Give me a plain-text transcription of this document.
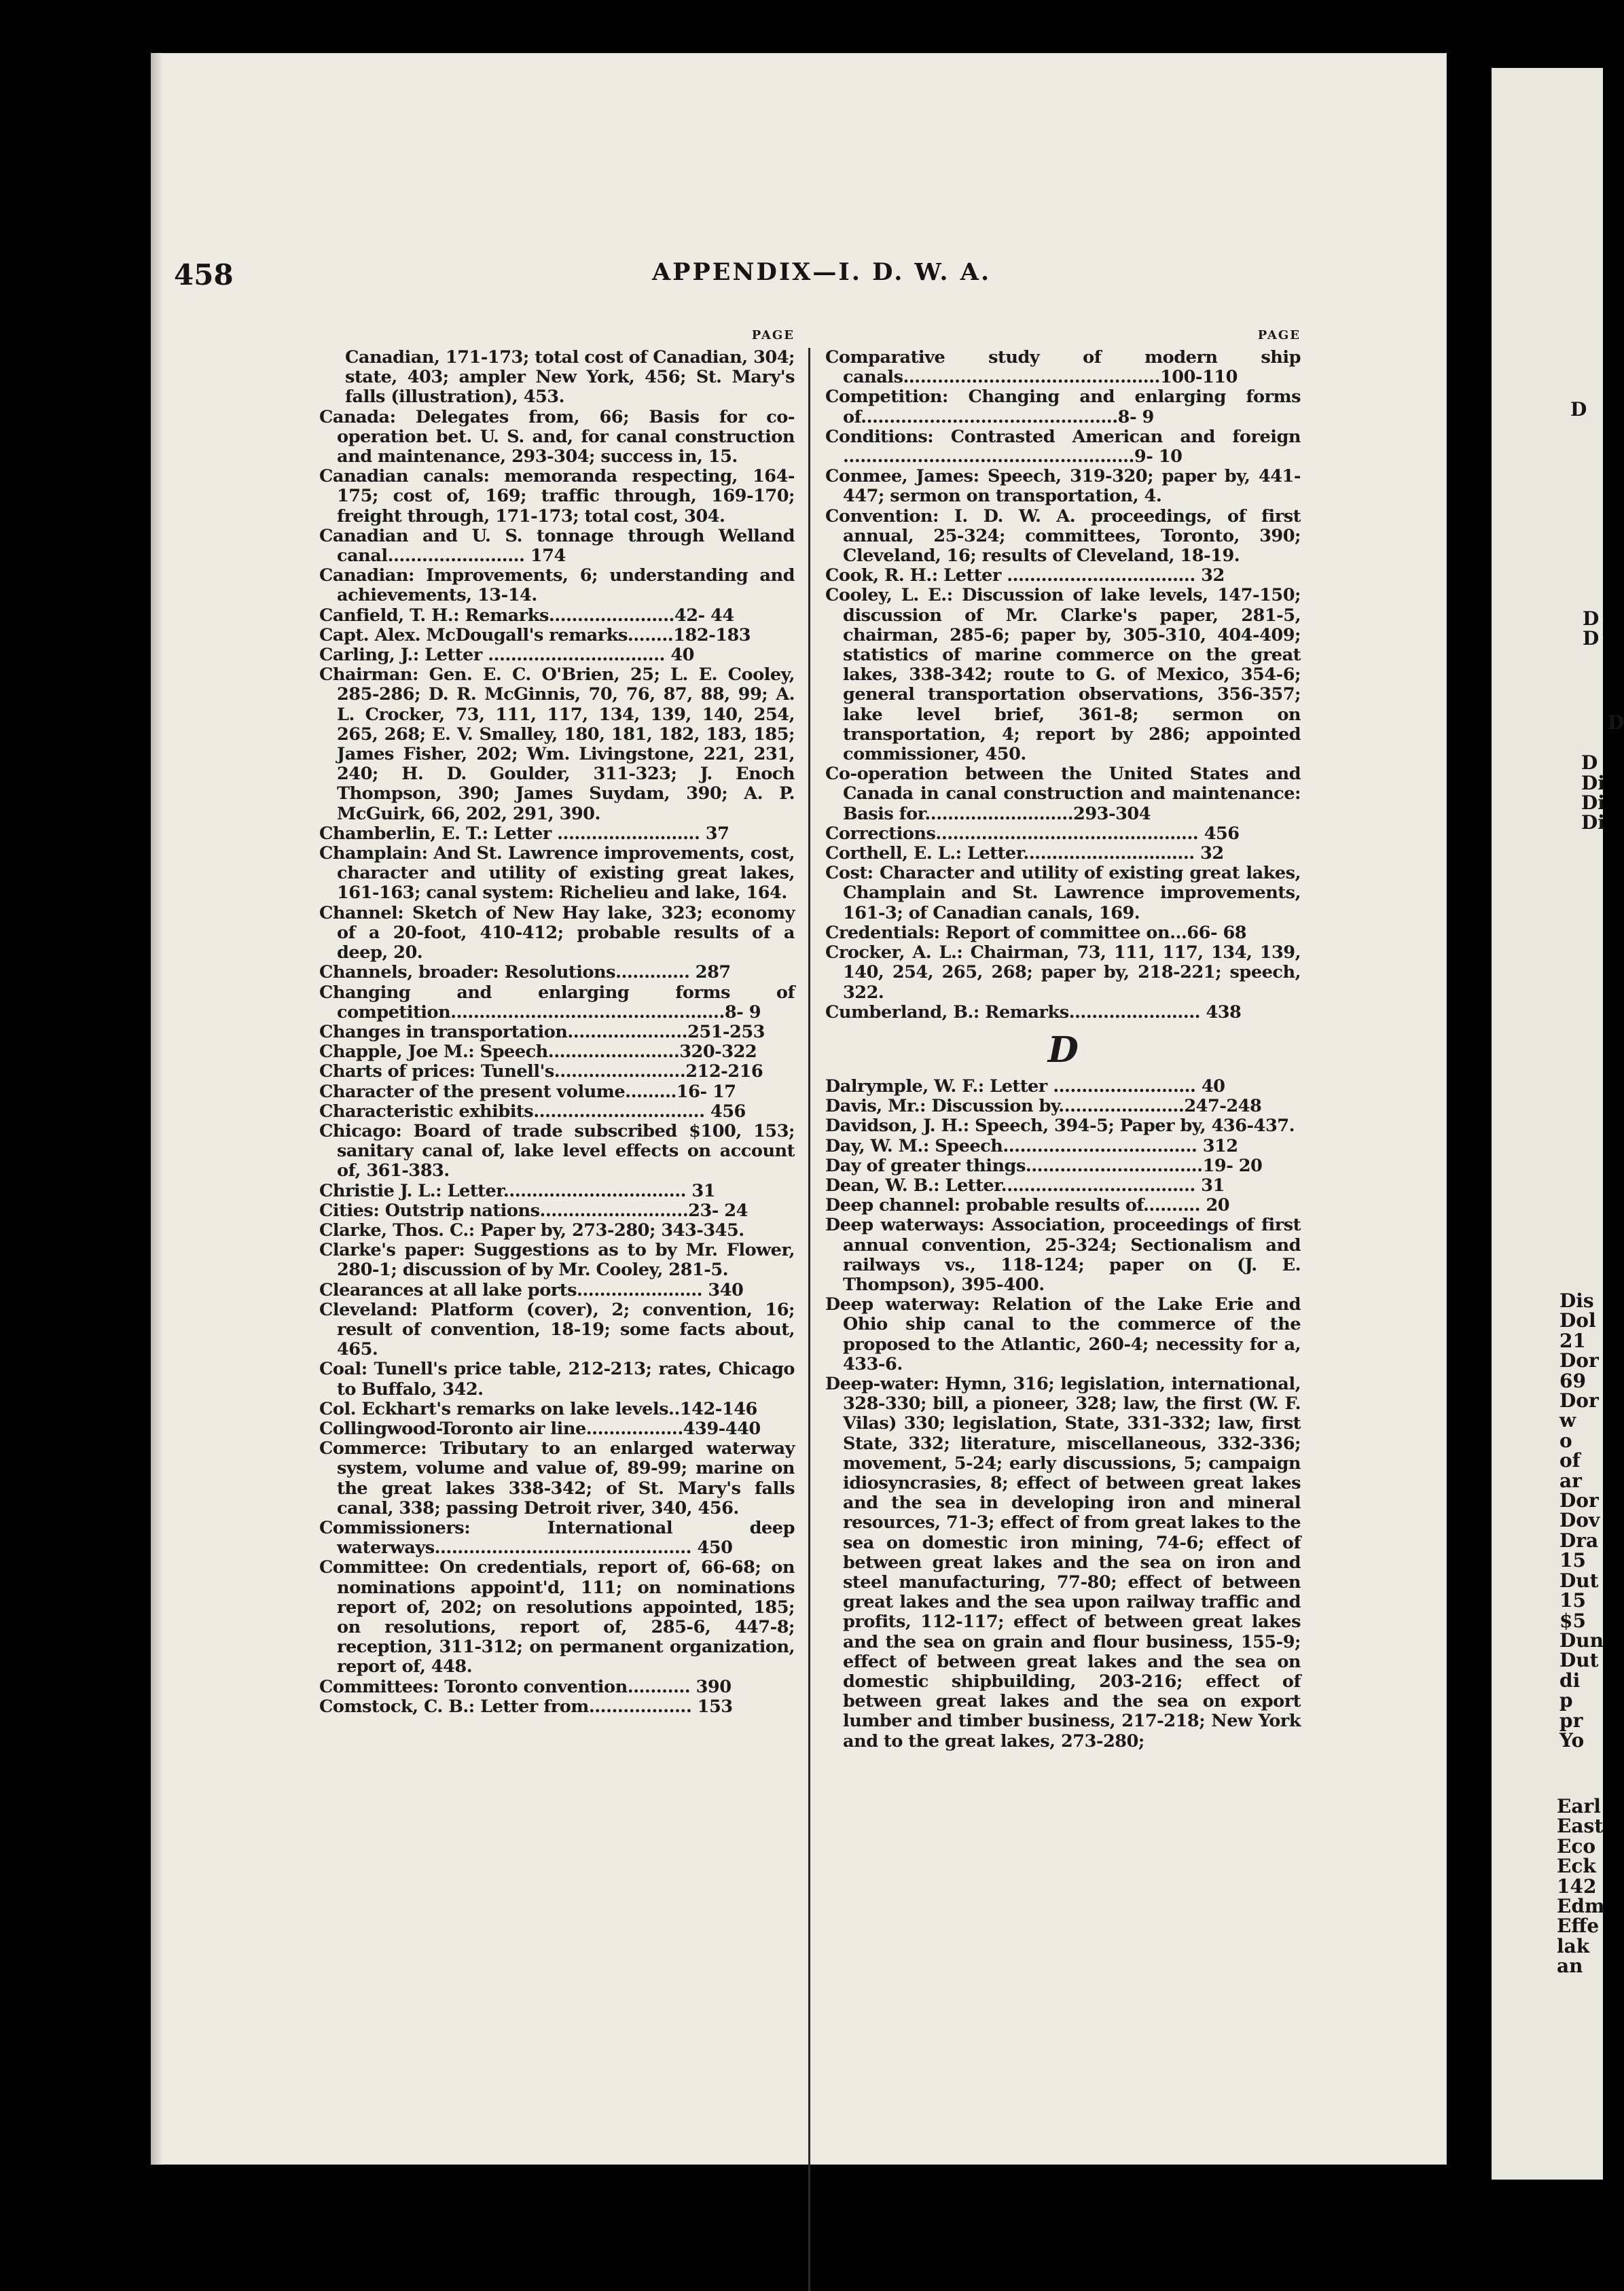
D
D
D

D

D
Di
Di
Di

Dis
Dol
21
Dor
69
Dor
w
o
of
ar
Dor
Dov
Dra
15
Dut
15
$5
Dun
Dut
di
p
pr
Yo
Earl
East
Eco
Eck
142
Edm
Effe
lak
an
458	APPENDIX—I. D. W. A.
PAGE
Canadian, 171-173; total cost of Canadian, 304; state, 403; ampler New York, 456; St. Mary's falls (illustration), 453.
Canada: Delegates from, 66; Basis for co-operation bet. U. S. and, for canal construction and maintenance, 293-304; success in, 15.
Canadian canals: memoranda respecting, 164-175; cost of, 169; traffic through, 169-170; freight through, 171-173; total cost, 304.
Canadian and U. S. tonnage through Welland canal........................ 174
Canadian: Improvements, 6; understanding and achievements, 13-14.
Canfield, T. H.: Remarks......................42- 44
Capt. Alex. McDougall's remarks........182-183
Carling, J.: Letter ............................... 40
Chairman: Gen. E. C. O'Brien, 25; L. E. Cooley, 285-286; D. R. McGinnis, 70, 76, 87, 88, 99; A. L. Crocker, 73, 111, 117, 134, 139, 140, 254, 265, 268; E. V. Smalley, 180, 181, 182, 183, 185; James Fisher, 202; Wm. Livingstone, 221, 231, 240; H. D. Goulder, 311-323; J. Enoch Thompson, 390; James Suydam, 390; A. P. McGuirk, 66, 202, 291, 390.
Chamberlin, E. T.: Letter ......................... 37
Champlain: And St. Lawrence improvements, cost, character and utility of existing great lakes, 161-163; canal system: Richelieu and lake, 164.
Channel: Sketch of New Hay lake, 323; economy of a 20-foot, 410-412; probable results of a deep, 20.
Channels, broader: Resolutions............. 287
Changing and enlarging forms of competition................................................8- 9
Changes in transportation.....................251-253
Chapple, Joe M.: Speech.......................320-322
Charts of prices: Tunell's.......................212-216
Character of the present volume.........16- 17
Characteristic exhibits.............................. 456
Chicago: Board of trade subscribed $100, 153; sanitary canal of, lake level effects on account of, 361-383.
Christie J. L.: Letter................................ 31
Cities: Outstrip nations..........................23- 24
Clarke, Thos. C.: Paper by, 273-280; 343-345.
Clarke's paper: Suggestions as to by Mr. Flower, 280-1; discussion of by Mr. Cooley, 281-5.
Clearances at all lake ports...................... 340
Cleveland: Platform (cover), 2; convention, 16; result of convention, 18-19; some facts about, 465.
Coal: Tunell's price table, 212-213; rates, Chicago to Buffalo, 342.
Col. Eckhart's remarks on lake levels..142-146
Collingwood-Toronto air line.................439-440
Commerce: Tributary to an enlarged waterway system, volume and value of, 89-99; marine on the great lakes 338-342; of St. Mary's falls canal, 338; passing Detroit river, 340, 456.
Commissioners: International deep waterways............................................. 450
Committee: On credentials, report of, 66-68; on nominations appoint'd, 111; on nominations report of, 202; on resolutions appointed, 185; on resolutions, report of, 285-6, 447-8; reception, 311-312; on permanent organization, report of, 448.
Committees: Toronto convention........... 390
Comstock, C. B.: Letter from.................. 153
PAGE
Comparative study of modern ship canals.............................................100-110
Competition: Changing and enlarging forms of.............................................8- 9
Conditions: Contrasted American and foreign ...................................................9- 10
Conmee, James: Speech, 319-320; paper by, 441-447; sermon on transportation, 4.
Convention: I. D. W. A. proceedings, of first annual, 25-324; committees, Toronto, 390; Cleveland, 16; results of Cleveland, 18-19.
Cook, R. H.: Letter ................................. 32
Cooley, L. E.: Discussion of lake levels, 147-150; discussion of Mr. Clarke's paper, 281-5, chairman, 285-6; paper by, 305-310, 404-409; statistics of marine commerce on the great lakes, 338-342; route to G. of Mexico, 354-6; general transportation observations, 356-357; lake level brief, 361-8; sermon on transportation, 4; report by 286; appointed commissioner, 450.
Co-operation between the United States and Canada in canal construction and maintenance: Basis for..........................293-304
Corrections.............................................. 456
Corthell, E. L.: Letter.............................. 32
Cost: Character and utility of existing great lakes, Champlain and St. Lawrence improvements, 161-3; of Canadian canals, 169.
Credentials: Report of committee on...66- 68
Crocker, A. L.: Chairman, 73, 111, 117, 134, 139, 140, 254, 265, 268; paper by, 218-221; speech, 322.
Cumberland, B.: Remarks....................... 438
D
Dalrymple, W. F.: Letter ......................... 40
Davis, Mr.: Discussion by......................247-248
Davidson, J. H.: Speech, 394-5; Paper by, 436-437.
Day, W. M.: Speech.................................. 312
Day of greater things...............................19- 20
Dean, W. B.: Letter.................................. 31
Deep channel: probable results of.......... 20
Deep waterways: Association, proceedings of first annual convention, 25-324; Sectionalism and railways vs., 118-124; paper on (J. E. Thompson), 395-400.
Deep waterway: Relation of the Lake Erie and Ohio ship canal to the commerce of the proposed to the Atlantic, 260-4; necessity for a, 433-6.
Deep-water: Hymn, 316; legislation, international, 328-330; bill, a pioneer, 328; law, the first (W. F. Vilas) 330; legislation, State, 331-332; law, first State, 332; literature, miscellaneous, 332-336; movement, 5-24; early discussions, 5; campaign idiosyncrasies, 8; effect of between great lakes and the sea in developing iron and mineral resources, 71-3; effect of from great lakes to the sea on domestic iron mining, 74-6; effect of between great lakes and the sea on iron and steel manufacturing, 77-80; effect of between great lakes and the sea upon railway traffic and profits, 112-117; effect of between great lakes and the sea on grain and flour business, 155-9; effect of between great lakes and the sea on domestic shipbuilding, 203-216; effect of between great lakes and the sea on export lumber and timber business, 217-218; New York and to the great lakes, 273-280;
